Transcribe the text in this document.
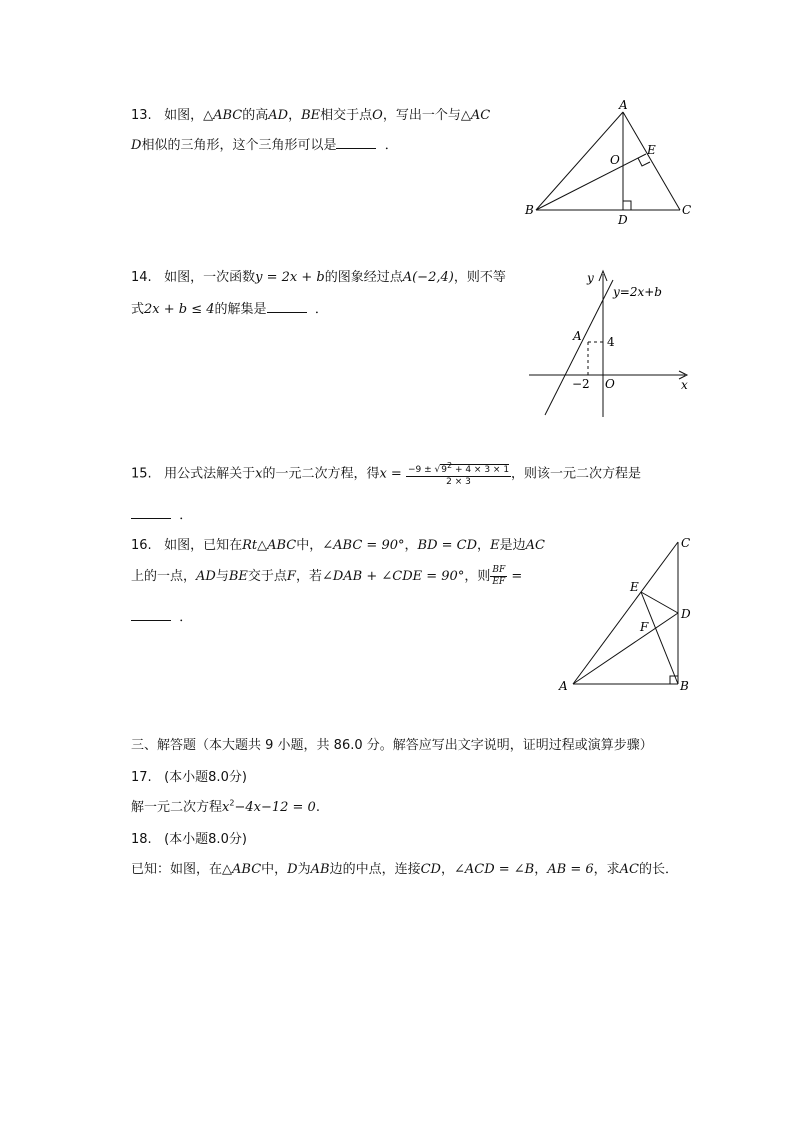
13. 如图，△ABC的高AD，BE相交于点O，写出一个与△AC
D相似的三角形，这个三角形可以是	．
A
B	C
D
E
O
14. 如图，一次函数y = 2x + b的图象经过点A(−2,4)，则不等
式2x + b ≤ 4的解集是	．
y
x
y=2x+b
A 4
−2 O
15. 用公式法解关于x的一元二次方程，得$x = \frac{-9 \pm √92 + 4 \times 3 \times 1}{2 \times 3}$ ，则该一元二次方程是
．
16. 如图，已知在Rt△ABC中，∠ABC = 90°，BD = CD，E是边AC
上的一点，AD与BE交于点F，若∠DAB + ∠CDE = 90°，则 $\frac{BF}{EF}$ =
．
C
E
D
F
A	B
三、解答题（本大题共 9 小题，共 86.0 分。解答应写出文字说明，证明过程或演算步骤）
17. (本小题8.0分)
解一元二次方程$x^2-4x-12 = 0$.
18. (本小题8.0分)
已知：如图，在△ABC中，D为AB边的中点，连接CD，∠ACD = ∠B，AB = 6，求AC的长．
